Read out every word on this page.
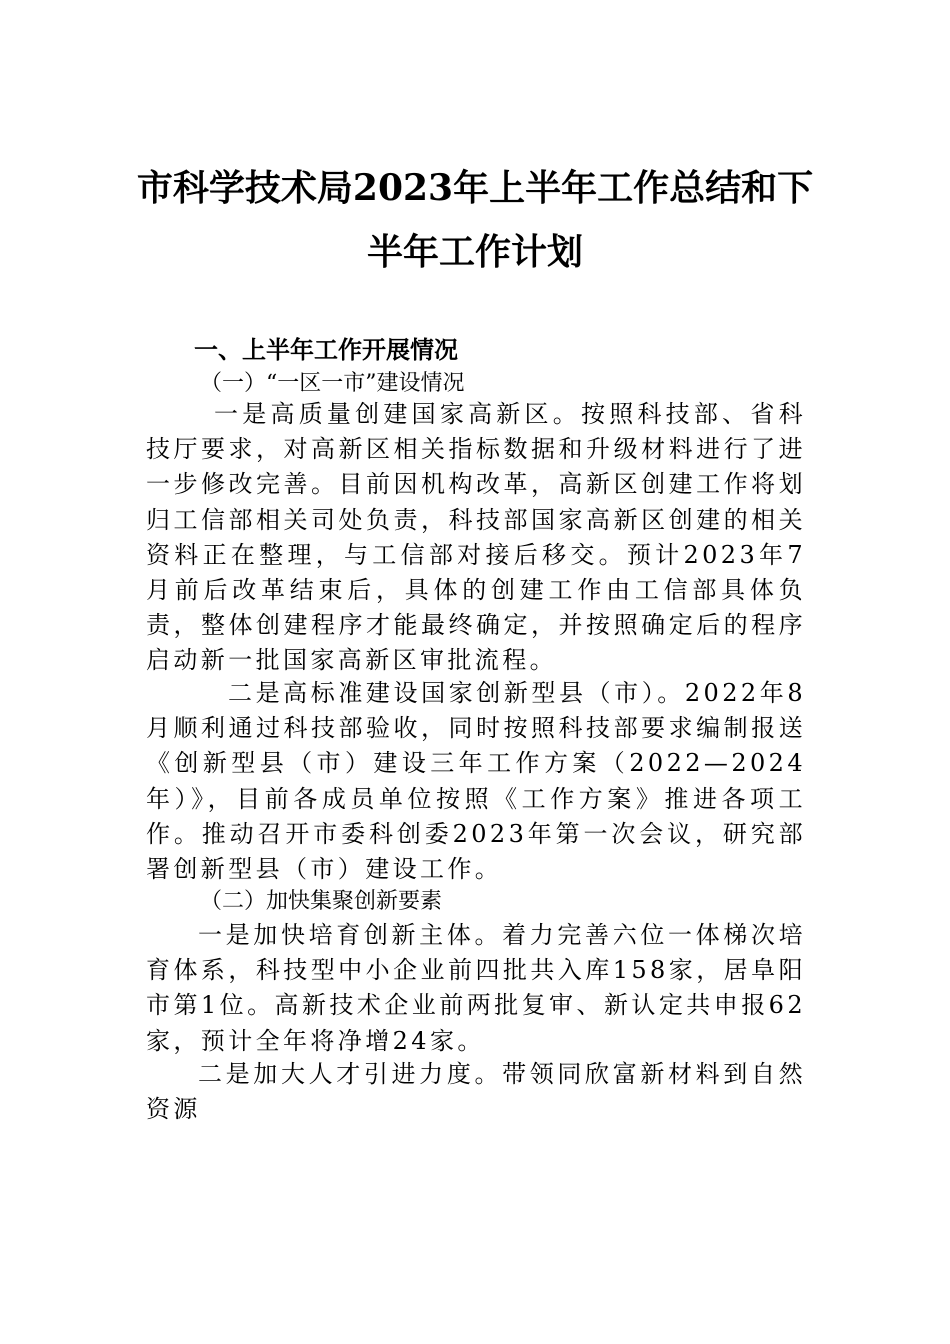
市科学技术局2023年上半年工作总结和下
半年工作计划
一、上半年工作开展情况
（一）“一区一市”建设情况
一是高质量创建国家高新区。按照科技部、省科技厅要求，对高新区相关指标数据和升级材料进行了进一步修改完善。目前因机构改革，高新区创建工作将划归工信部相关司处负责，科技部国家高新区创建的相关资料正在整理，与工信部对接后移交。预计2023年7月前后改革结束后，具体的创建工作由工信部具体负责，整体创建程序才能最终确定，并按照确定后的程序启动新一批国家高新区审批流程。
二是高标准建设国家创新型县（市）。2022年8月顺利通过科技部验收，同时按照科技部要求编制报送《创新型县（市）建设三年工作方案（2022—2024年）》，目前各成员单位按照《工作方案》推进各项工作。推动召开市委科创委2023年第一次会议，研究部署创新型县（市）建设工作。
（二）加快集聚创新要素
一是加快培育创新主体。着力完善六位一体梯次培育体系，科技型中小企业前四批共入库158家，居阜阳市第1位。高新技术企业前两批复审、新认定共申报62家，预计全年将净增24家。
二是加大人才引进力度。带领同欣富新材料到自然资源
